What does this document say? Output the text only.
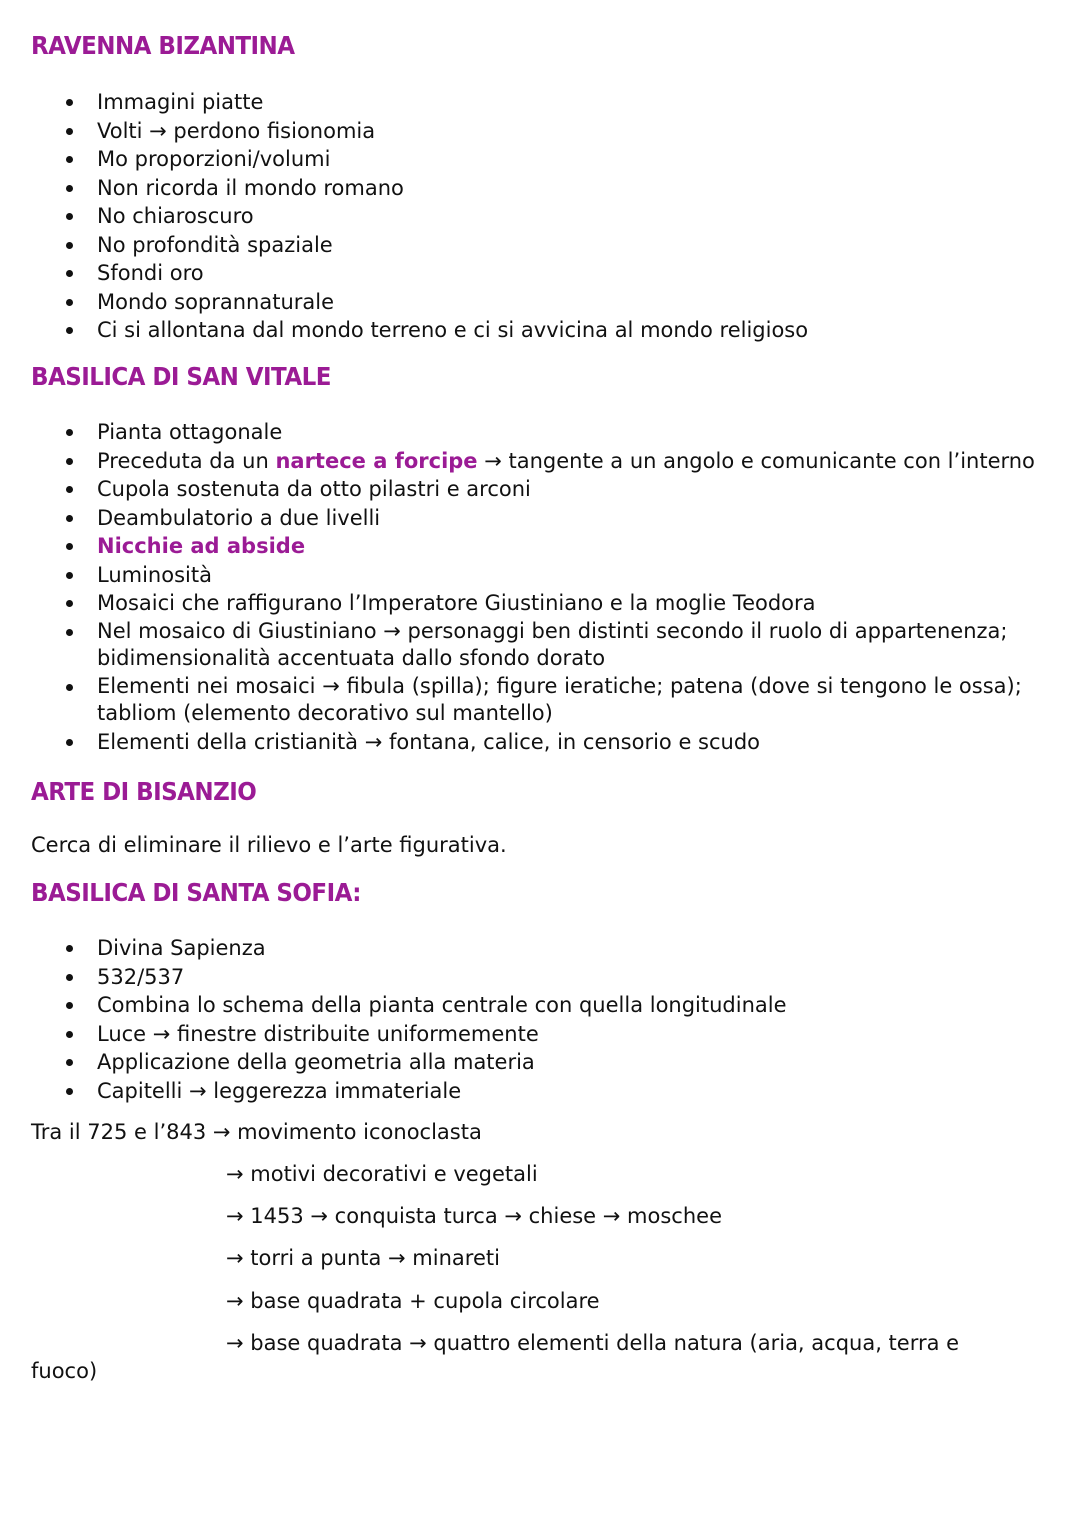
RAVENNA BIZANTINA
Immagini piatte
Volti → perdono fisionomia
Mo proporzioni/volumi
Non ricorda il mondo romano
No chiaroscuro
No profondità spaziale
Sfondi oro
Mondo soprannaturale
Ci si allontana dal mondo terreno e ci si avvicina al mondo religioso
BASILICA DI SAN VITALE
Pianta ottagonale
Preceduta da un nartece a forcipe → tangente a un angolo e comunicante con l’interno
Cupola sostenuta da otto pilastri e arconi
Deambulatorio a due livelli
Nicchie ad abside
Luminosità
Mosaici che raffigurano l’Imperatore Giustiniano e la moglie Teodora
Nel mosaico di Giustiniano → personaggi ben distinti secondo il ruolo di appartenenza; bidimensionalità accentuata dallo sfondo dorato
Elementi nei mosaici → fibula (spilla); figure ieratiche; patena (dove si tengono le ossa); tabliom (elemento decorativo sul mantello)
Elementi della cristianità → fontana, calice, in censorio e scudo
ARTE DI BISANZIO

Cerca di eliminare il rilievo e l’arte figurativa.

BASILICA DI SANTA SOFIA:
Divina Sapienza
532/537
Combina lo schema della pianta centrale con quella longitudinale
Luce → finestre distribuite uniformemente
Applicazione della geometria alla materia
Capitelli → leggerezza immateriale

Tra il 725 e l’843 → movimento iconoclasta

→ motivi decorativi e vegetali

→ 1453 → conquista turca → chiese → moschee

→ torri a punta → minareti

→ base quadrata + cupola circolare

→ base quadrata → quattro elementi della natura (aria, acqua, terra e

fuoco)
